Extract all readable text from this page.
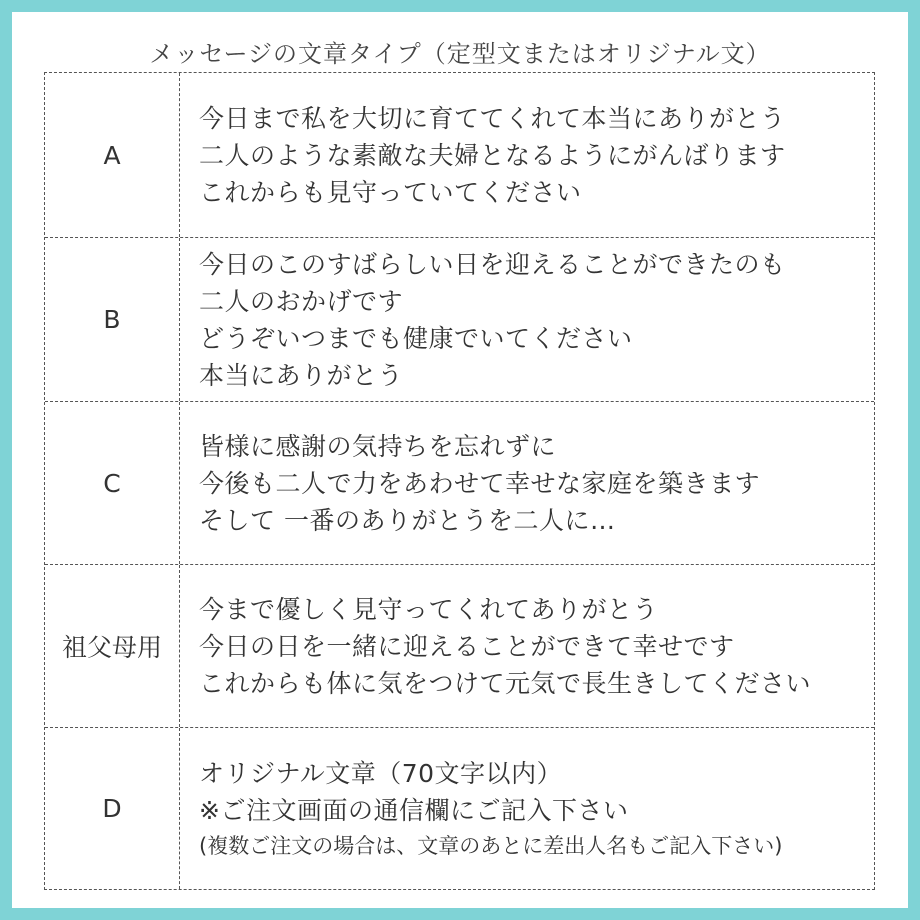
メッセージの文章タイプ（定型文またはオリジナル文）
A
今日まで私を大切に育ててくれて本当にありがとう
二人のような素敵な夫婦となるようにがんばります
これからも見守っていてください
B
今日のこのすばらしい日を迎えることができたのも
二人のおかげです
どうぞいつまでも健康でいてください
本当にありがとう
C
皆様に感謝の気持ちを忘れずに
今後も二人で力をあわせて幸せな家庭を築きます
そして 一番のありがとうを二人に…
祖父母用
今まで優しく見守ってくれてありがとう
今日の日を一緒に迎えることができて幸せです
これからも体に気をつけて元気で長生きしてください
D
オリジナル文章（70文字以内）
※ご注文画面の通信欄にご記入下さい
(複数ご注文の場合は、文章のあとに差出人名もご記入下さい)
